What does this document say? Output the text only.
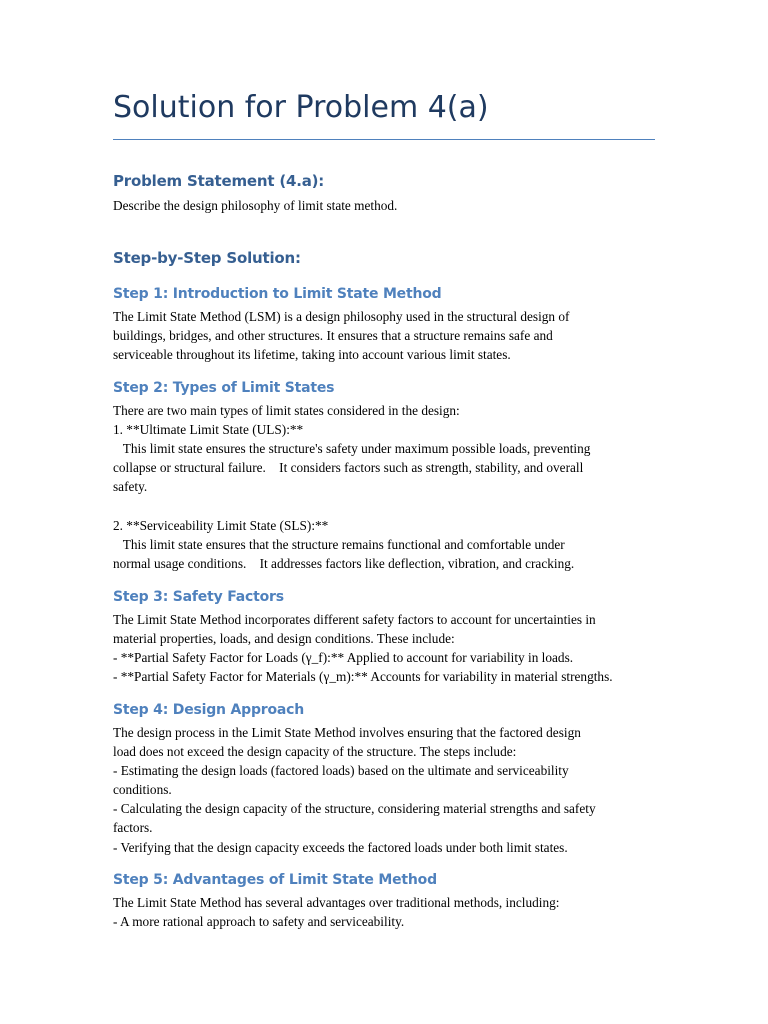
Solution for Problem 4(a)
Problem Statement (4.a):
Describe the design philosophy of limit state method.
Step-by-Step Solution:
Step 1: Introduction to Limit State Method
The Limit State Method (LSM) is a design philosophy used in the structural design of
buildings, bridges, and other structures. It ensures that a structure remains safe and
serviceable throughout its lifetime, taking into account various limit states.
Step 2: Types of Limit States
There are two main types of limit states considered in the design:
1. **Ultimate Limit State (ULS):**
This limit state ensures the structure's safety under maximum possible loads, preventing
collapse or structural failure.    It considers factors such as strength, stability, and overall
safety.
2. **Serviceability Limit State (SLS):**
This limit state ensures that the structure remains functional and comfortable under
normal usage conditions.    It addresses factors like deflection, vibration, and cracking.
Step 3: Safety Factors
The Limit State Method incorporates different safety factors to account for uncertainties in
material properties, loads, and design conditions. These include:
- **Partial Safety Factor for Loads (γ_f):** Applied to account for variability in loads.
- **Partial Safety Factor for Materials (γ_m):** Accounts for variability in material strengths.
Step 4: Design Approach
The design process in the Limit State Method involves ensuring that the factored design
load does not exceed the design capacity of the structure. The steps include:
- Estimating the design loads (factored loads) based on the ultimate and serviceability
conditions.
- Calculating the design capacity of the structure, considering material strengths and safety
factors.
- Verifying that the design capacity exceeds the factored loads under both limit states.
Step 5: Advantages of Limit State Method
The Limit State Method has several advantages over traditional methods, including:
- A more rational approach to safety and serviceability.
